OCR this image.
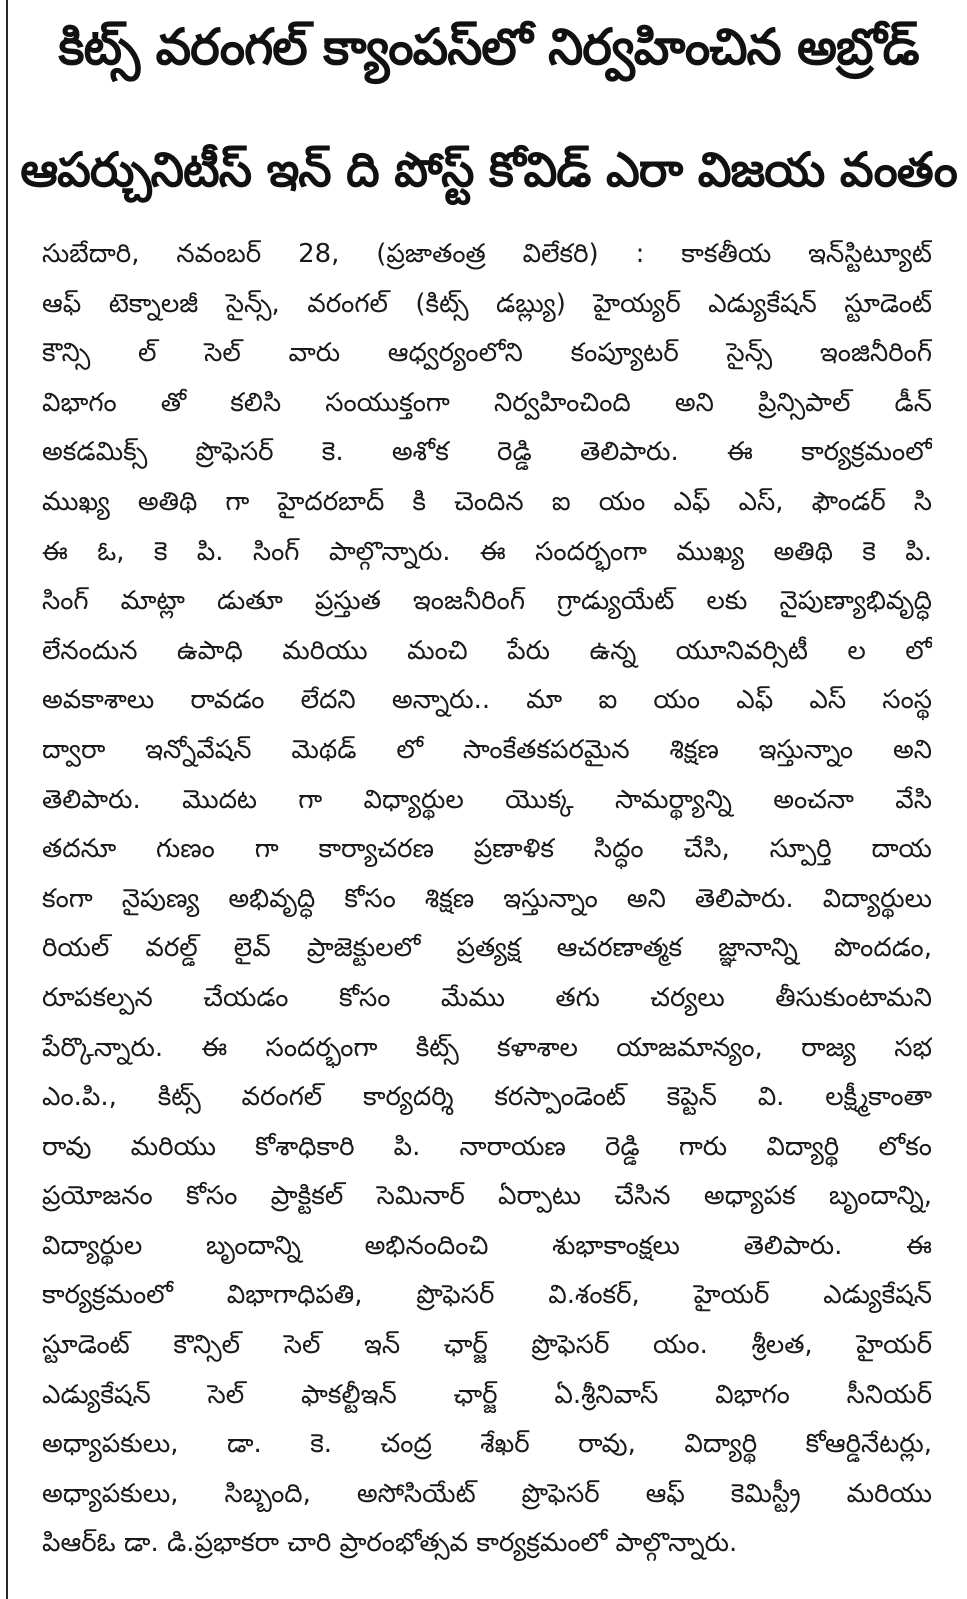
కిట్స్ వరంగల్ క్యాంపస్‌లో నిర్వహించిన అబ్రోడ్
ఆపర్చునిటీస్ ఇన్ ది పోస్ట్ కోవిడ్ ఎరా విజయ వంతం
సుబేదారి, నవంబర్ 28, (ప్రజాతంత్ర విలేకరి) : కాకతీయ ఇన్‌స్టిట్యూట్
ఆఫ్ టెక్నాలజీ సైన్స్, వరంగల్ (కిట్స్ డబ్ల్యు) హైయ్యర్ ఎడ్యుకేషన్ స్టూడెంట్
కౌన్సి ల్ సెల్ వారు ఆధ్వర్యంలోని కంప్యూటర్ సైన్స్ ఇంజినీరింగ్
విభాగం తో కలిసి సంయుక్తంగా నిర్వహించింది అని ప్రిన్సిపాల్ డీన్
అకడమిక్స్ ప్రొఫెసర్ కె. అశోక రెడ్డి తెలిపారు. ఈ కార్యక్రమంలో
ముఖ్య అతిథి గా హైదరబాద్ కి చెందిన ఐ యం ఎఫ్ ఎస్, ఫౌండర్ సి
ఈ ఓ, కె పి. సింగ్ పాల్గొన్నారు. ఈ సందర్భంగా ముఖ్య అతిథి కె పి.
సింగ్ మాట్లా డుతూ ప్రస్తుత ఇంజనీరింగ్ గ్రాడ్యుయేట్ లకు నైపుణ్యాభివృద్ధి
లేనందున ఉపాధి మరియు మంచి పేరు ఉన్న యూనివర్సిటీ ల లో
అవకాశాలు రావడం లేదని అన్నారు.. మా ఐ యం ఎఫ్ ఎస్ సంస్థ
ద్వారా ఇన్నోవేషన్ మెథడ్ లో సాంకేతకపరమైన శిక్షణ ఇస్తున్నాం అని
తెలిపారు. మొదట గా విధ్యార్థుల యొక్క సామర్థ్యాన్ని అంచనా వేసి
తదనూ గుణం గా కార్యాచరణ ప్రణాళిక సిద్ధం చేసి, స్పూర్తి దాయ
కంగా నైపుణ్య అభివృద్ధి కోసం శిక్షణ ఇస్తున్నాం అని తెలిపారు. విద్యార్థులు
రియల్ వరల్డ్ లైవ్ ప్రాజెక్టులలో ప్రత్యక్ష ఆచరణాత్మక జ్ఞానాన్ని పొందడం,
రూపకల్పన చేయడం కోసం మేము తగు చర్యలు తీసుకుంటామని
పేర్కొన్నారు. ఈ సందర్భంగా కిట్స్ కళాశాల యాజమాన్యం, రాజ్య సభ
ఎం.పి., కిట్స్ వరంగల్ కార్యదర్శి కరస్పాండెంట్ కెప్టెన్ వి. లక్ష్మీకాంతా
రావు మరియు కోశాధికారి పి. నారాయణ రెడ్డి గారు విద్యార్థి లోకం
ప్రయోజనం కోసం ప్రాక్టికల్ సెమినార్ ఏర్పాటు చేసిన అధ్యాపక బృందాన్ని,
విద్యార్థుల బృందాన్ని అభినందించి శుభాకాంక్షలు తెలిపారు. ఈ
కార్యక్రమంలో విభాగాధిపతి, ప్రొఫెసర్ వి.శంకర్, హైయర్ ఎడ్యుకేషన్
స్టూడెంట్ కౌన్సిల్ సెల్ ఇన్ ఛార్జ్ ప్రొఫెసర్ యం. శ్రీలత, హైయర్
ఎడ్యుకేషన్ సెల్ ఫాకల్టీఇన్ ఛార్జ్ ఏ.శ్రీనివాస్ విభాగం సీనియర్
అధ్యాపకులు, డా. కె. చంద్ర శేఖర్ రావు, విద్యార్థి కోఆర్డినేటర్లు,
అధ్యాపకులు, సిబ్బంది, అసోసియేట్ ప్రొఫెసర్ ఆఫ్ కెమిస్ట్రీ మరియు
పిఆర్ఓ డా. డి.ప్రభాకరా చారి ప్రారంభోత్సవ కార్యక్రమంలో పాల్గొన్నారు.
